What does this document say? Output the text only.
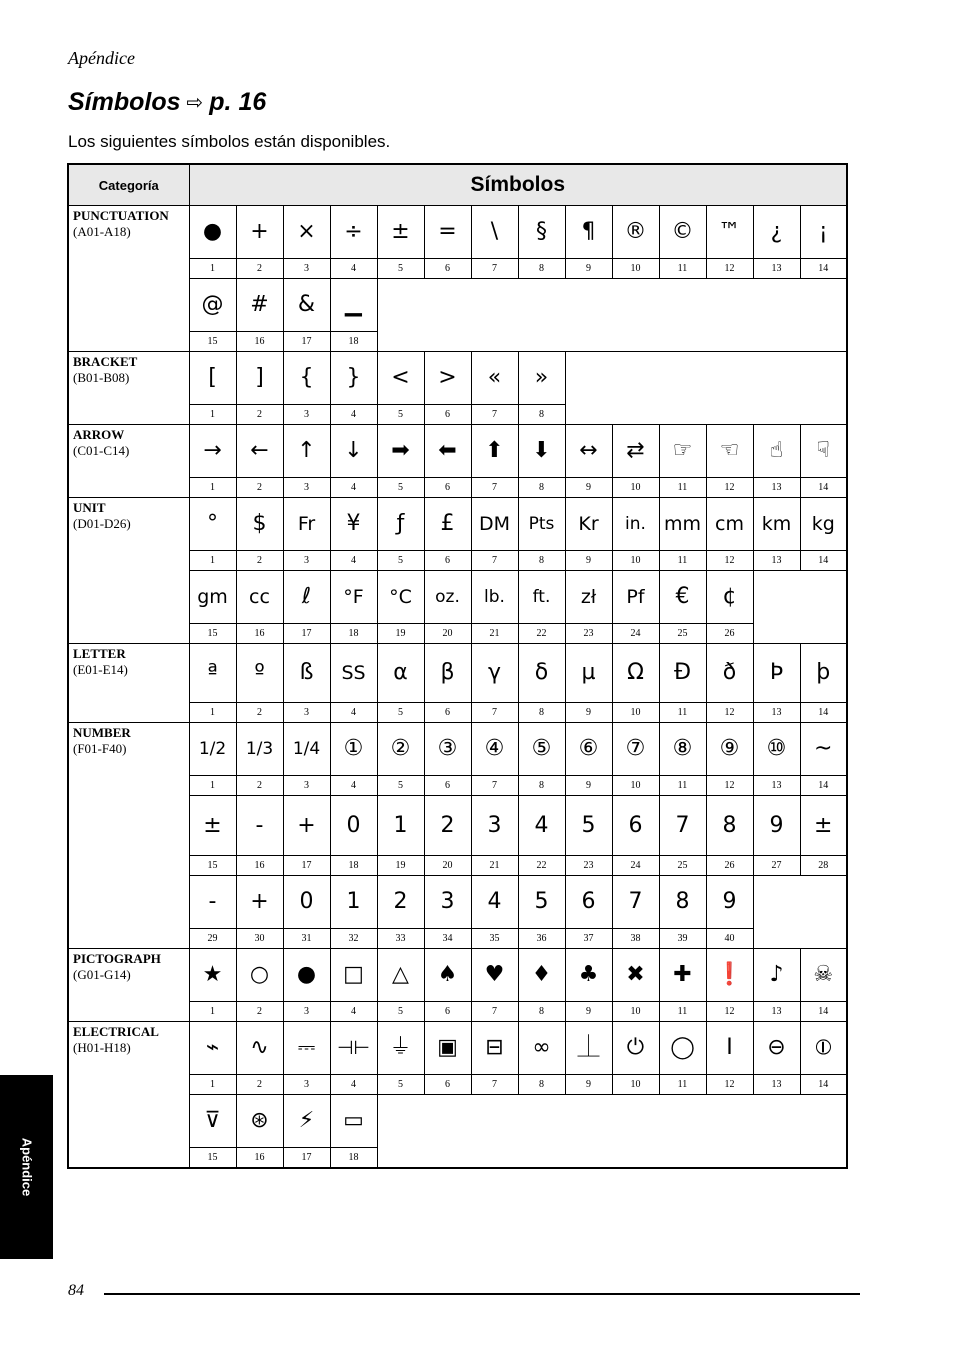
Apéndice
Símbolos ⇨ p. 16
Los siguientes símbolos están disponibles.
Categoría	Símbolos													

PUNCTUATION
(A01-A18)	●	+	×	÷	±	=	\	§	¶	®	©	™	¿	¡
	1	2	3	4	5	6	7	8	9	10	11	12	13	14
	@	#	&	▁										
	15	16	17	18										

BRACKET
(B01-B08)	[	]	{	}	<	>	«	»						
	1	2	3	4	5	6	7	8						

ARROW
(C01-C14)	→	←	↑	↓	➡	⬅	⬆	⬇	↔	⇄	☞	☜	☝	☟
	1	2	3	4	5	6	7	8	9	10	11	12	13	14

UNIT
(D01-D26)	°	$	Fr	¥	ƒ	£	DM	Pts	Kr	in.	mm	cm	km	kg
	1	2	3	4	5	6	7	8	9	10	11	12	13	14
	gm	cc	ℓ	°F	°C	oz.	lb.	ft.	zł	Pf	€	¢		
	15	16	17	18	19	20	21	22	23	24	25	26		

LETTER
(E01-E14)	ª	º	ß	SS	α	β	γ	δ	µ	Ω	Đ	ð	Þ	þ
	1	2	3	4	5	6	7	8	9	10	11	12	13	14

NUMBER
(F01-F40)	1/2	1/3	1/4	①	②	③	④	⑤	⑥	⑦	⑧	⑨	⑩	~
	1	2	3	4	5	6	7	8	9	10	11	12	13	14
	±	-	+	0	1	2	3	4	5	6	7	8	9	±
	15	16	17	18	19	20	21	22	23	24	25	26	27	28
	-	+	0	1	2	3	4	5	6	7	8	9		
	29	30	31	32	33	34	35	36	37	38	39	40		

PICTOGRAPH
(G01-G14)	★	○	●	□	△	♠	♥	♦	♣	✖	✚	❗	♪	☠
	1	2	3	4	5	6	7	8	9	10	11	12	13	14

ELECTRICAL
(H01-H18)	⌁	∿	⎓	⊣⊢	⏚	▣	⊟	∞	⏊	⏻	◯	Ⅰ	⊖	⦶
	1	2	3	4	5	6	7	8	9	10	11	12	13	14
	⊽	⊛	⚡	▭										
	15	16	17	18										
Apéndice
84
